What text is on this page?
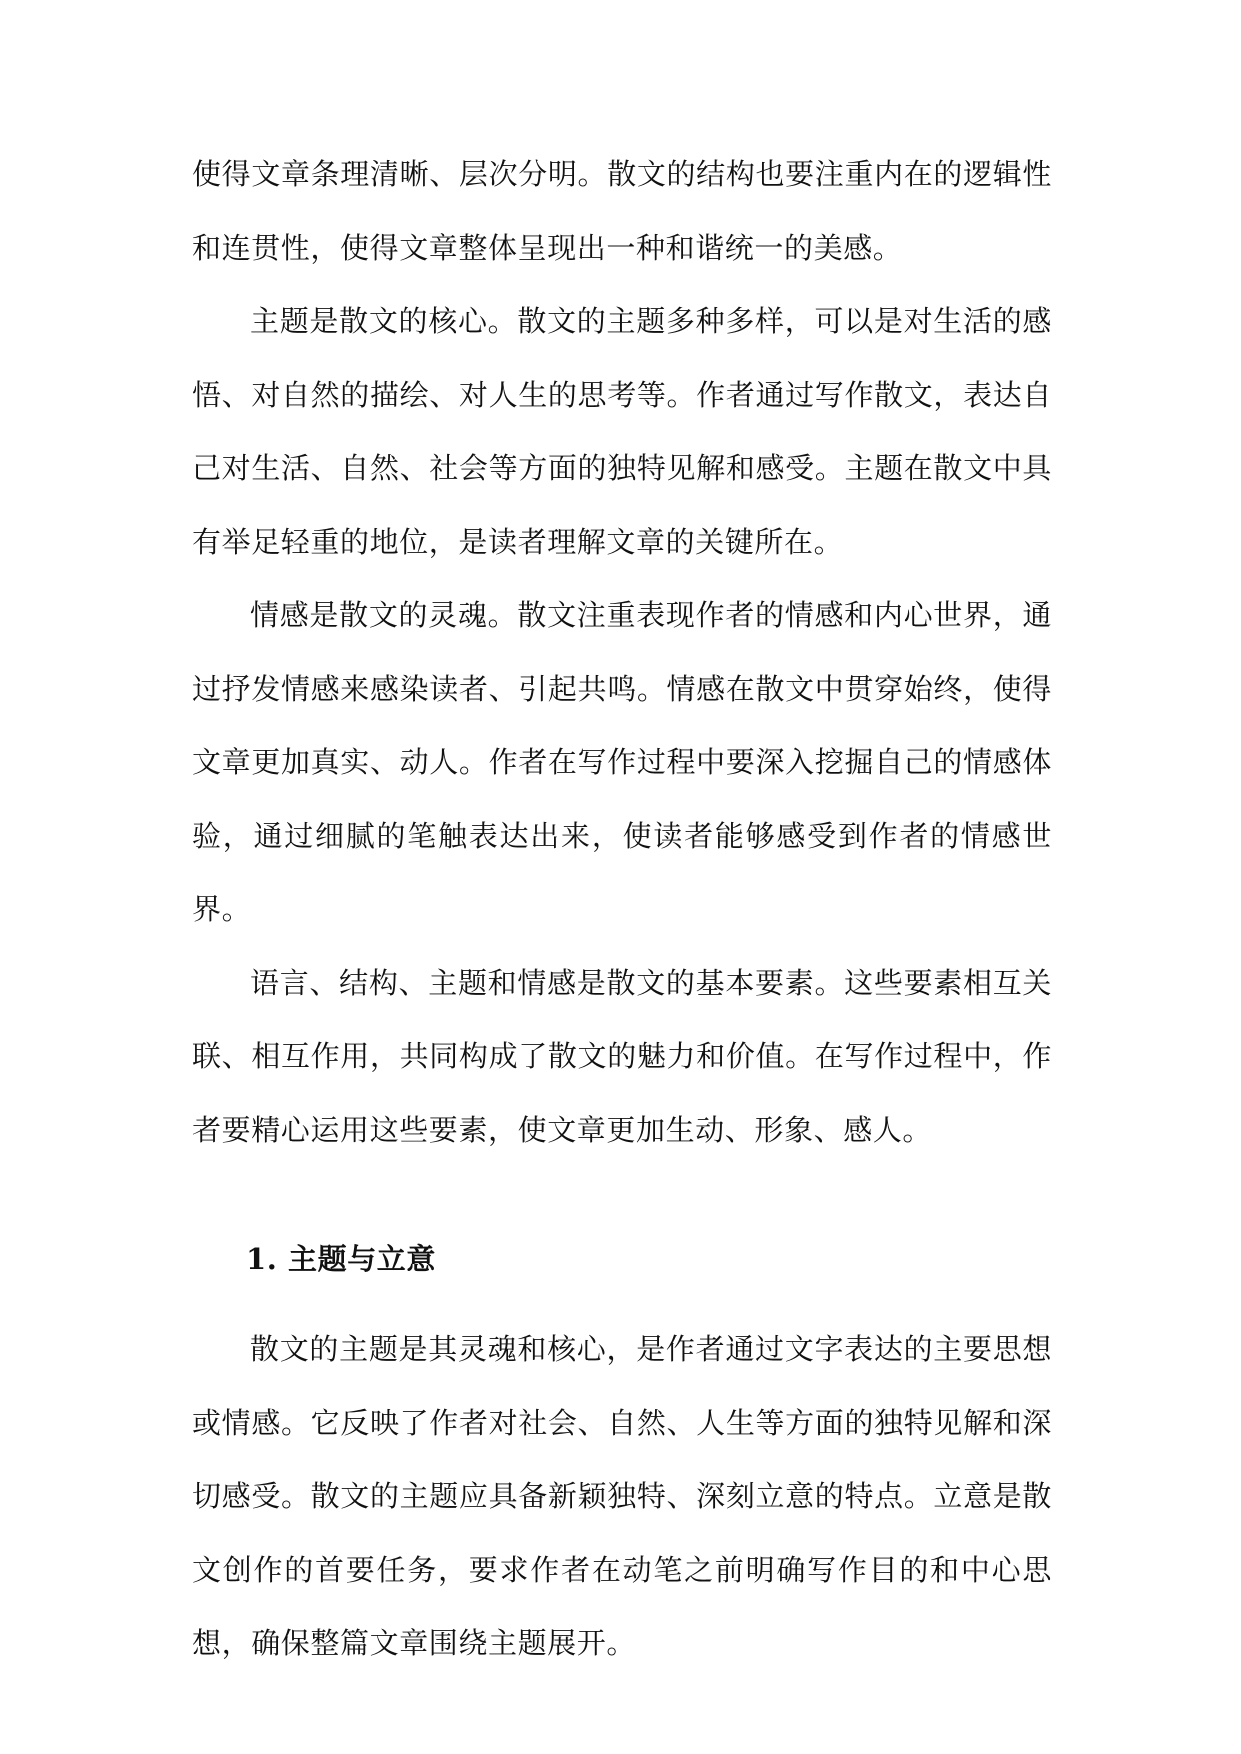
使得文章条理清晰、层次分明。散文的结构也要注重内在的逻辑性和连贯性，使得文章整体呈现出一种和谐统一的美感。

主题是散文的核心。散文的主题多种多样，可以是对生活的感悟、对自然的描绘、对人生的思考等。作者通过写作散文，表达自己对生活、自然、社会等方面的独特见解和感受。主题在散文中具有举足轻重的地位，是读者理解文章的关键所在。

情感是散文的灵魂。散文注重表现作者的情感和内心世界，通过抒发情感来感染读者、引起共鸣。情感在散文中贯穿始终，使得文章更加真实、动人。作者在写作过程中要深入挖掘自己的情感体验，通过细腻的笔触表达出来，使读者能够感受到作者的情感世界。

语言、结构、主题和情感是散文的基本要素。这些要素相互关联、相互作用，共同构成了散文的魅力和价值。在写作过程中，作者要精心运用这些要素，使文章更加生动、形象、感人。

1. 主题与立意

散文的主题是其灵魂和核心，是作者通过文字表达的主要思想或情感。它反映了作者对社会、自然、人生等方面的独特见解和深切感受。散文的主题应具备新颖独特、深刻立意的特点。立意是散文创作的首要任务，要求作者在动笔之前明确写作目的和中心思想，确保整篇文章围绕主题展开。
